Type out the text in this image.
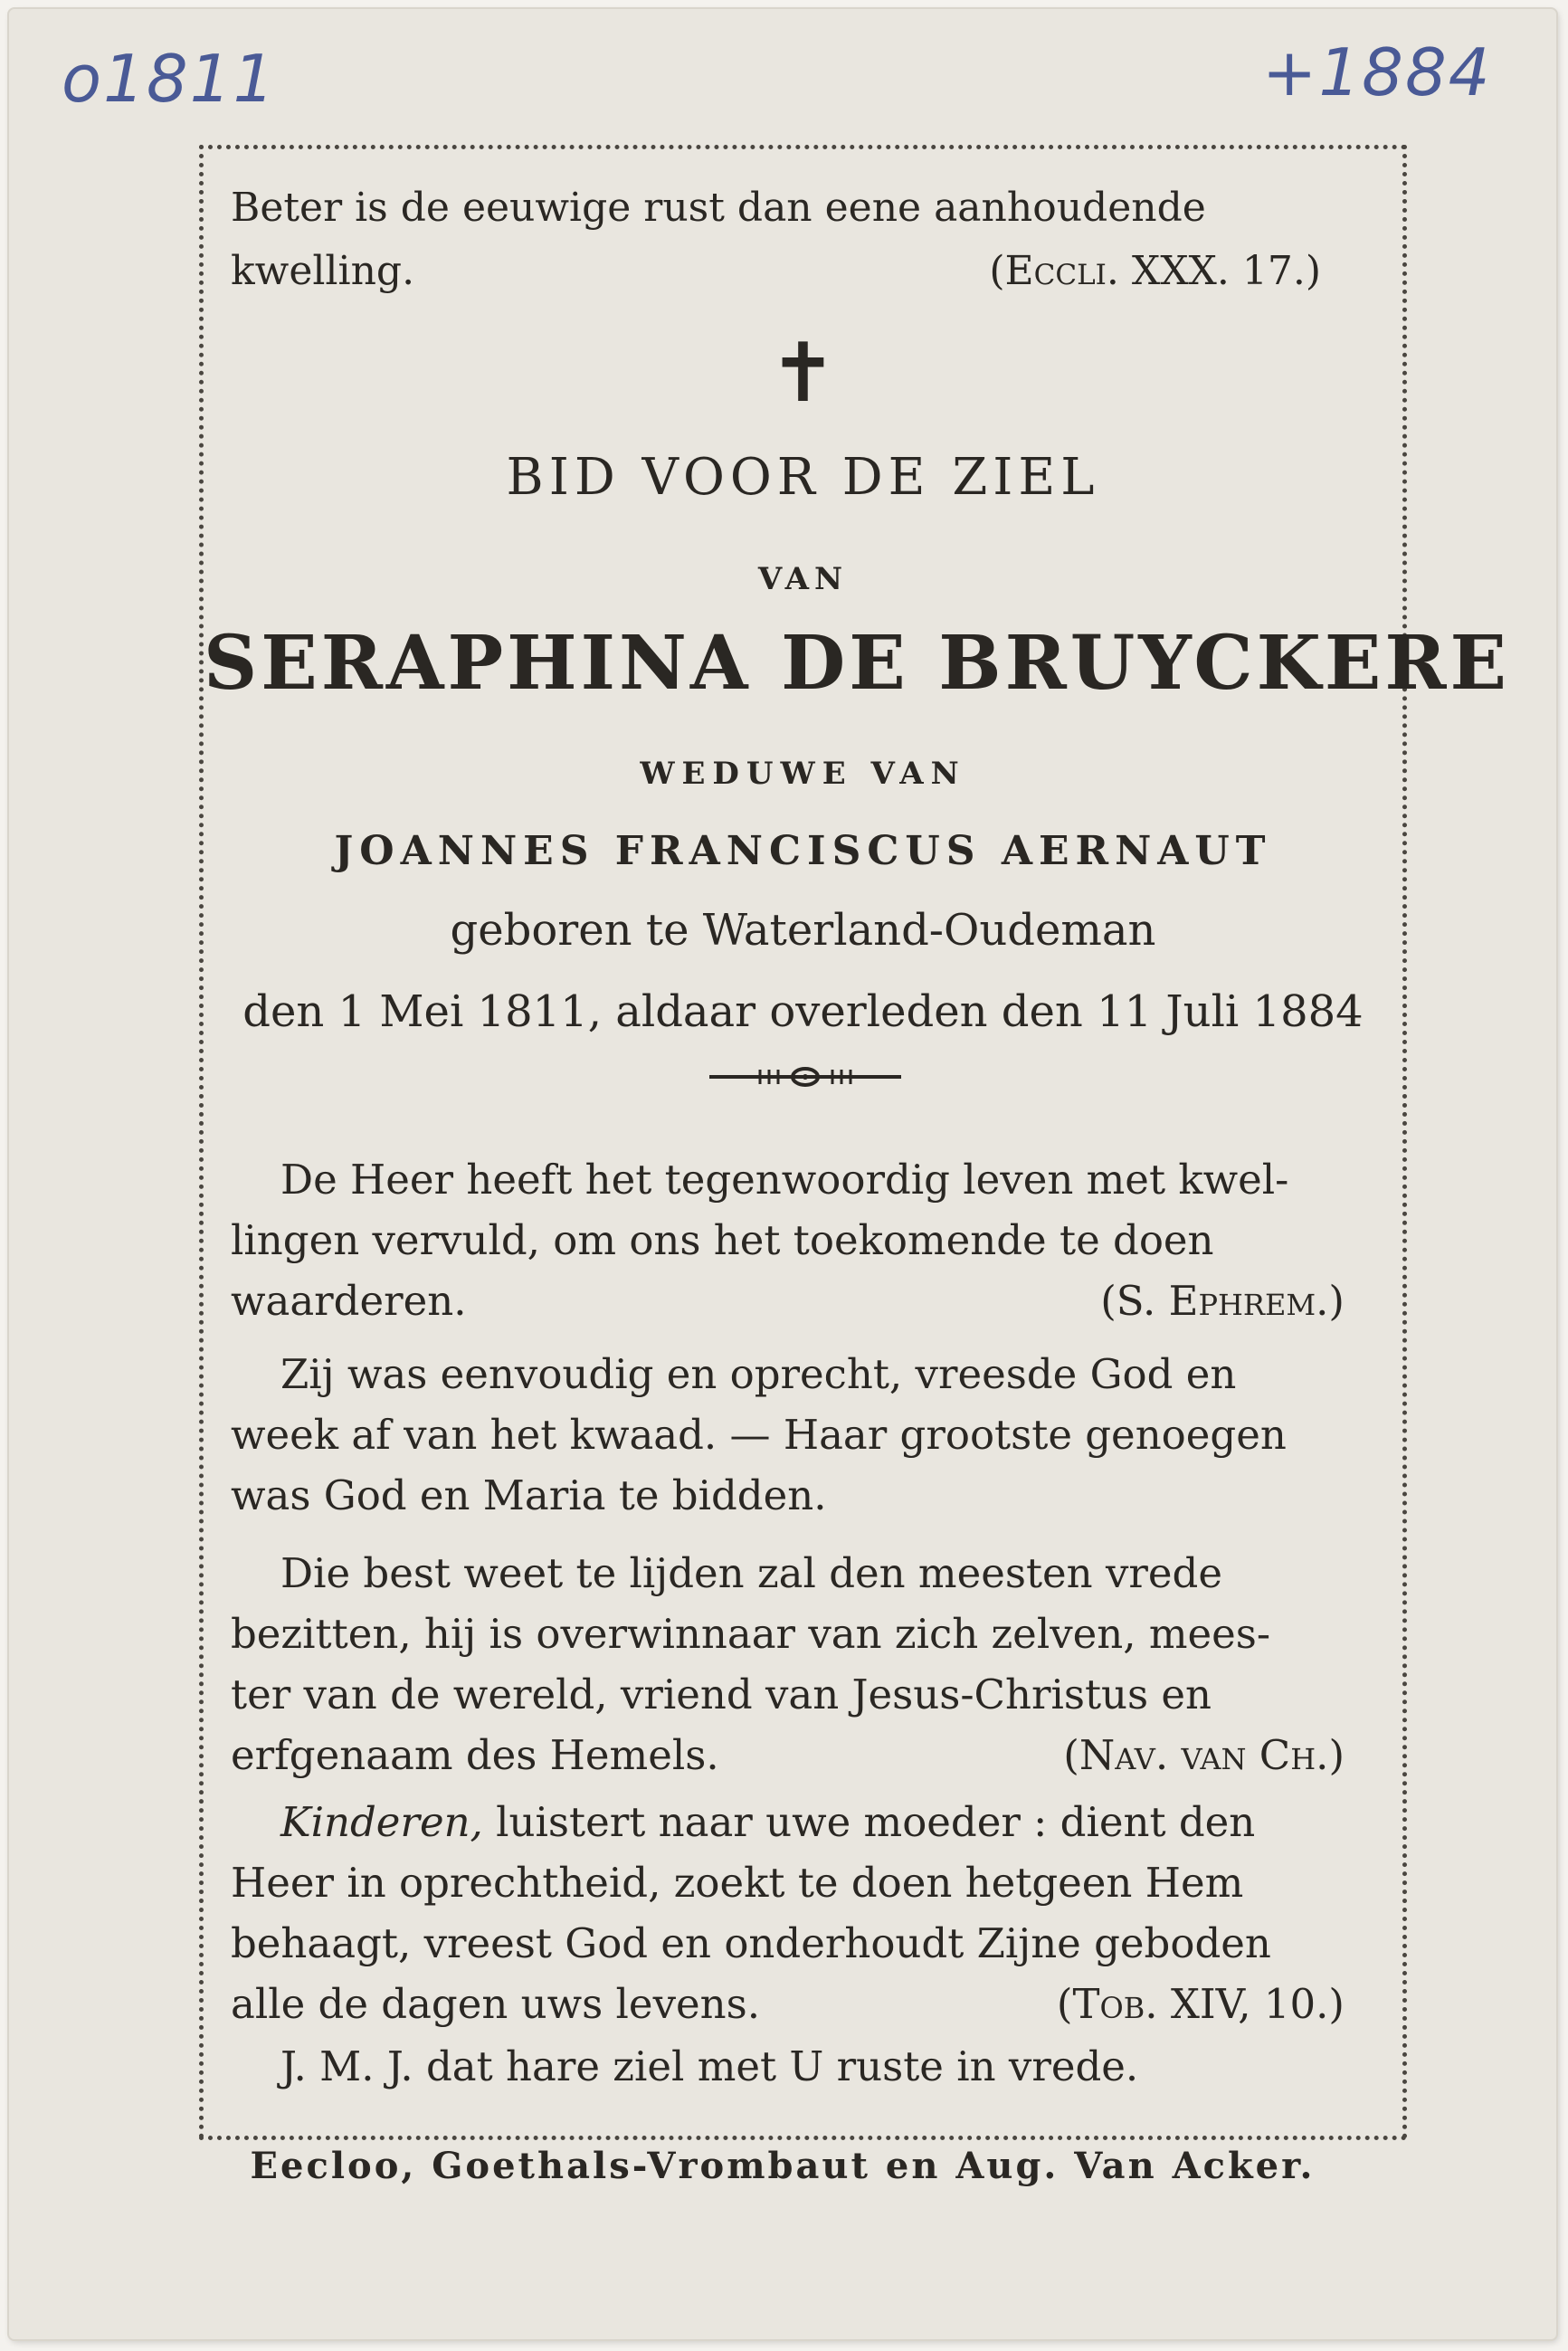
o1811	+1884
Beter is de eeuwige rust dan eene aanhoudende
kwelling.	(Eccli. XXX. 17.)
✝
BID VOOR DE ZIEL
VAN
SERAPHINA DE BRUYCKERE
WEDUWE VAN
JOANNES FRANCISCUS AERNAUT
geboren te Waterland-Oudeman
den 1 Mei 1811, aldaar overleden den 11 Juli 1884
De Heer heeft het tegenwoordig leven met kwel-
lingen vervuld, om ons het toekomende te doen
waarderen.	(S. Ephrem.)
Zij was eenvoudig en oprecht, vreesde God en
week af van het kwaad. — Haar grootste genoegen
was God en Maria te bidden.
Die best weet te lijden zal den meesten vrede
bezitten, hij is overwinnaar van zich zelven, mees-
ter van de wereld, vriend van Jesus-Christus en
erfgenaam des Hemels.	(Nav. van Ch.)
Kinderen, luistert naar uwe moeder : dient den
Heer in oprechtheid, zoekt te doen hetgeen Hem
behaagt, vreest God en onderhoudt Zijne geboden
alle de dagen uws levens.	(Tob. XIV, 10.)
J. M. J. dat hare ziel met U ruste in vrede.
Eecloo, Goethals-Vrombaut en Aug. Van Acker.
